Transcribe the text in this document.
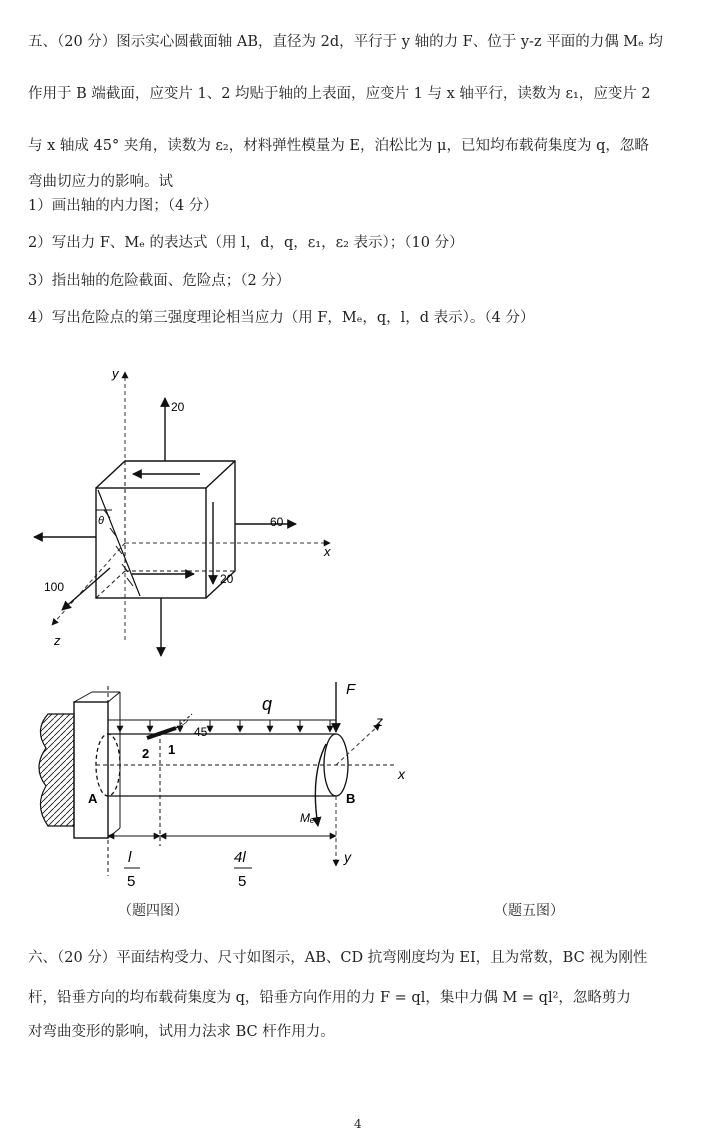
五、（20 分）图示实心圆截面轴 AB，直径为 2d，平行于 y 轴的力 F、位于 y-z 平面的力偶 Mₑ 均
作用于 B 端截面，应变片 1、2 均贴于轴的上表面，应变片 1 与 x 轴平行，读数为 ε₁，应变片 2
与 x 轴成 45° 夹角，读数为 ε₂，材料弹性模量为 E，泊松比为 μ，已知均布载荷集度为 q，忽略
弯曲切应力的影响。试
1）画出轴的内力图；（4 分）
2）写出力 F、Mₑ 的表达式（用 l，d，q，ε₁，ε₂ 表示）；（10 分）
3）指出轴的危险截面、危险点；（2 分）
4）写出危险点的第三强度理论相当应力（用 F，Mₑ，q，l，d 表示）。（4 分）
y
x
z
θ
20
60
20
100
q
F
z
x
y
Mₑ
45°
2 1
A	B
l
5
4l
5
（题四图）	（题五图）
六、（20 分）平面结构受力、尺寸如图示，AB、CD 抗弯刚度均为 EI，且为常数，BC 视为刚性
杆，铅垂方向的均布载荷集度为 q，铅垂方向作用的力 F = ql，集中力偶 M = ql²，忽略剪力
对弯曲变形的影响，试用力法求 BC 杆作用力。
4
